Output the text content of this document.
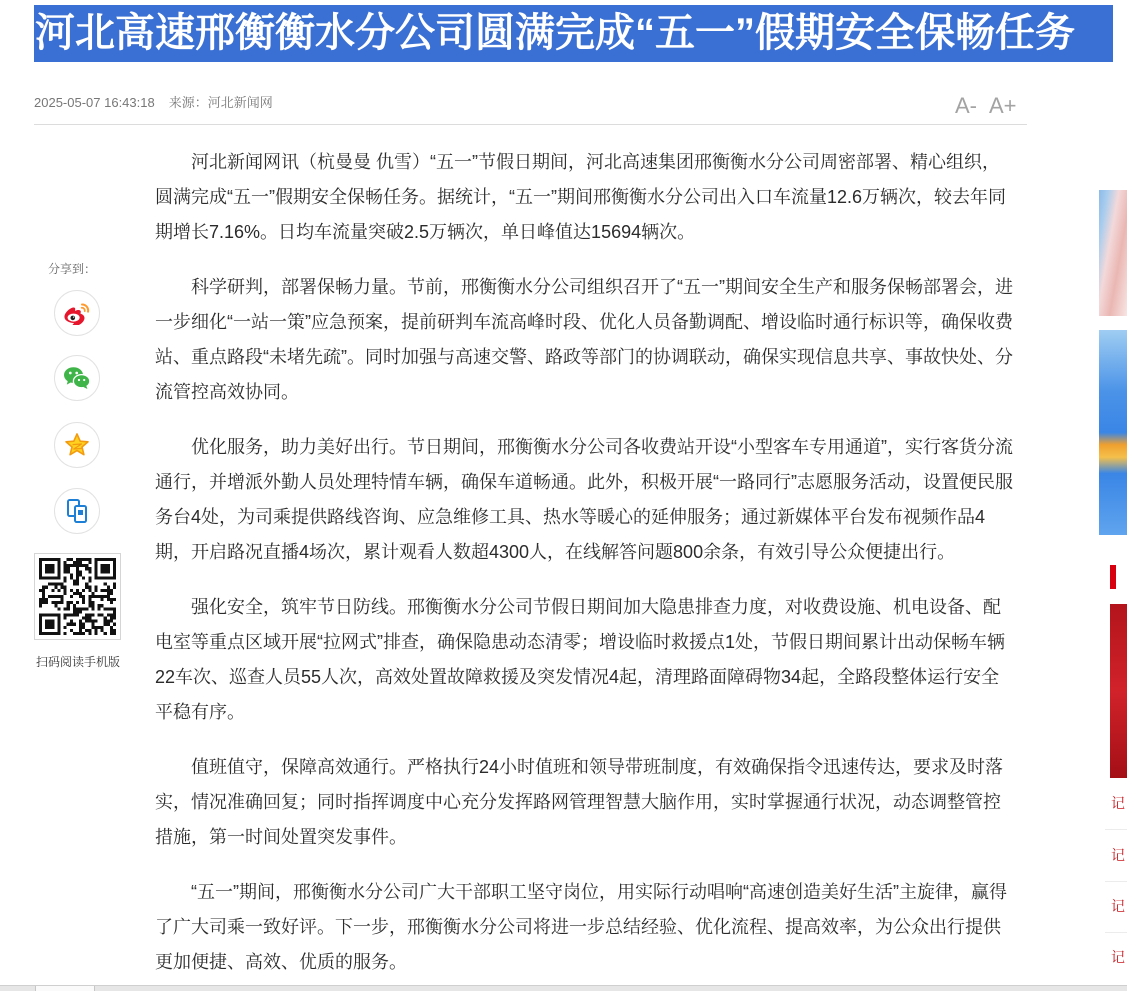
河北高速邢衡衡水分公司圆满完成“五一”假期安全保畅任务
2025-05-07 16:43:18 来源：河北新闻网	A- A+
分享到：
扫码阅读手机版

河北新闻网讯（杭曼曼 仇雪）“五一”节假日期间，河北高速集团邢衡衡水分公司周密部署、精心组织，圆满完成“五一”假期安全保畅任务。据统计，“五一”期间邢衡衡水分公司出入口车流量12.6万辆次，较去年同期增长7.16%。日均车流量突破2.5万辆次，单日峰值达15694辆次。

科学研判，部署保畅力量。节前，邢衡衡水分公司组织召开了“五一”期间安全生产和服务保畅部署会，进一步细化“一站一策”应急预案，提前研判车流高峰时段、优化人员备勤调配、增设临时通行标识等，确保收费站、重点路段“未堵先疏”。同时加强与高速交警、路政等部门的协调联动，确保实现信息共享、事故快处、分流管控高效协同。

优化服务，助力美好出行。节日期间，邢衡衡水分公司各收费站开设“小型客车专用通道”，实行客货分流通行，并增派外勤人员处理特情车辆，确保车道畅通。此外，积极开展“一路同行”志愿服务活动，设置便民服务台4处，为司乘提供路线咨询、应急维修工具、热水等暖心的延伸服务；通过新媒体平台发布视频作品4期，开启路况直播4场次，累计观看人数超4300人，在线解答问题800余条，有效引导公众便捷出行。

强化安全，筑牢节日防线。邢衡衡水分公司节假日期间加大隐患排查力度，对收费设施、机电设备、配电室等重点区域开展“拉网式”排查，确保隐患动态清零；增设临时救援点1处，节假日期间累计出动保畅车辆22车次、巡查人员55人次，高效处置故障救援及突发情况4起，清理路面障碍物34起，全路段整体运行安全平稳有序。

值班值守，保障高效通行。严格执行24小时值班和领导带班制度，有效确保指令迅速传达，要求及时落实，情况准确回复；同时指挥调度中心充分发挥路网管理智慧大脑作用，实时掌握通行状况，动态调整管控措施，第一时间处置突发事件。

“五一”期间，邢衡衡水分公司广大干部职工坚守岗位，用实际行动唱响“高速创造美好生活”主旋律，赢得了广大司乘一致好评。下一步，邢衡衡水分公司将进一步总结经验、优化流程、提高效率，为公众出行提供更加便捷、高效、优质的服务。

记
记
记
记
